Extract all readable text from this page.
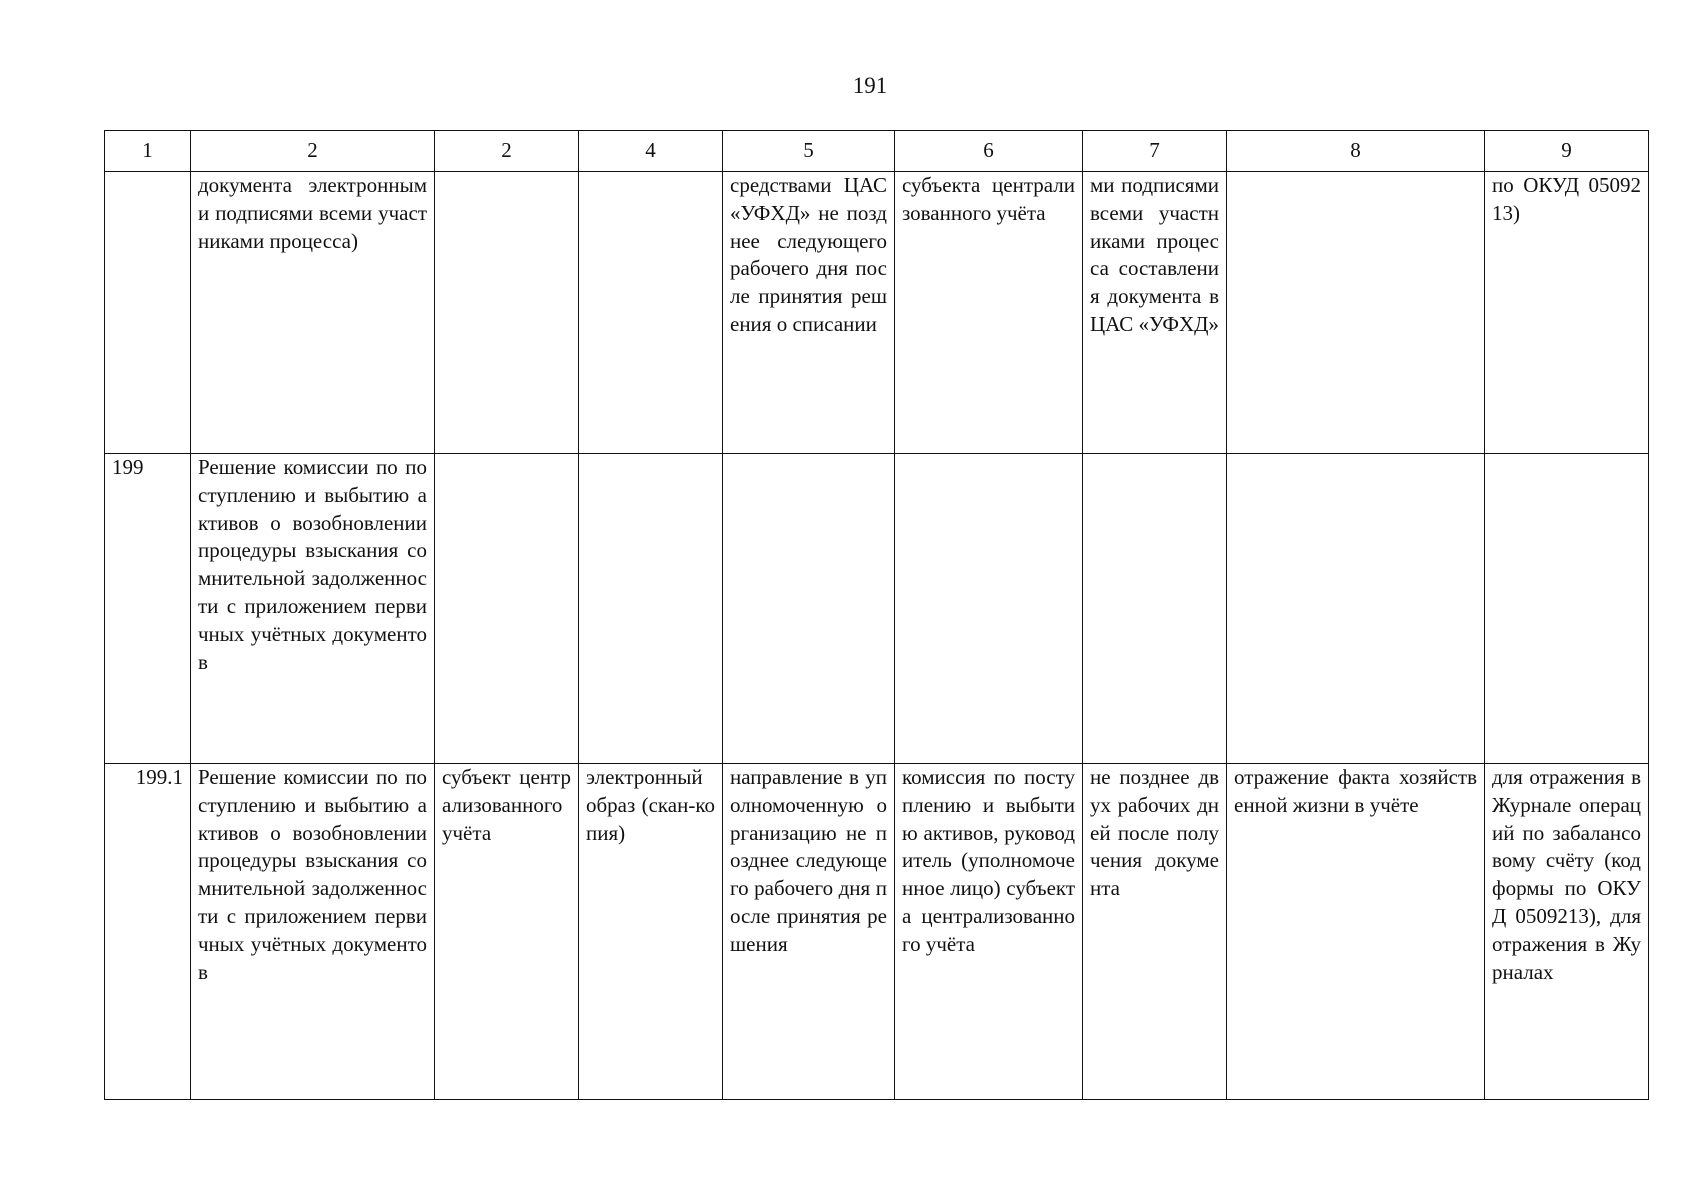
191
1	2	2	4	5	6	7	8	9

	документа электронными подписями всеми участниками процесса)			средствами ЦАС «УФХД» не позднее следующего рабочего дня после принятия решения о списании	субъекта централизованного учёта	ми подписями всеми участниками процесса составления документа в ЦАС «УФХД»		по ОКУД 0509213)

199	Решение комиссии по поступлению и выбытию активов о возобновлении процедуры взыскания сомнительной задолженности с приложением первичных учётных документов							

199.1	Решение комиссии по поступлению и выбытию активов о возобновлении процедуры взыскания сомнительной задолженности с приложением первичных учётных документов	субъект централизованного учёта	электронный образ (скан-копия)	направление в уполномоченную организацию не позднее следующего рабочего дня после принятия решения	комиссия по поступлению и выбытию активов, руководитель (уполномоченное лицо) субъекта централизованного учёта	не позднее двух рабочих дней после получения документа	отражение факта хозяйственной жизни в учёте	для отражения в Журнале операций по забалансовому счёту (код формы по ОКУД 0509213), для отражения в Журналах
